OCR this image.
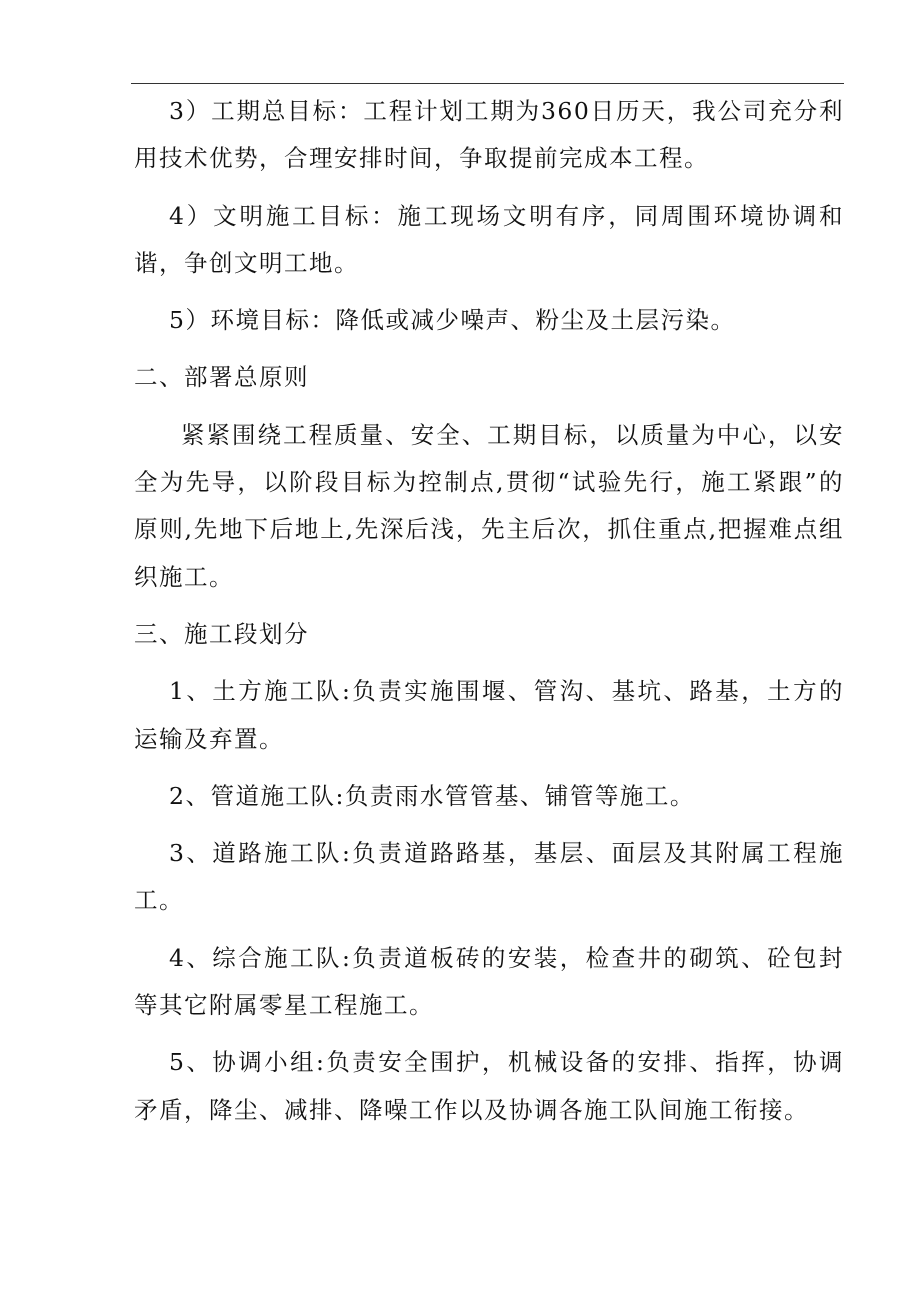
3）工期总目标：工程计划工期为360日历天，我公司充分利用技术优势，合理安排时间，争取提前完成本工程。

4）文明施工目标：施工现场文明有序，同周围环境协调和谐，争创文明工地。

5）环境目标：降低或减少噪声、粉尘及土层污染。

二、部署总原则

紧紧围绕工程质量、安全、工期目标，以质量为中心，以安全为先导，以阶段目标为控制点,贯彻“试验先行，施工紧跟”的原则,先地下后地上,先深后浅，先主后次，抓住重点,把握难点组织施工。

三、施工段划分

1、土方施工队:负责实施围堰、管沟、基坑、路基，土方的运输及弃置。

2、管道施工队:负责雨水管管基、铺管等施工。

3、道路施工队:负责道路路基，基层、面层及其附属工程施工。

4、综合施工队:负责道板砖的安装，检查井的砌筑、砼包封等其它附属零星工程施工。

5、协调小组:负责安全围护，机械设备的安排、指挥，协调矛盾，降尘、减排、降噪工作以及协调各施工队间施工衔接。
